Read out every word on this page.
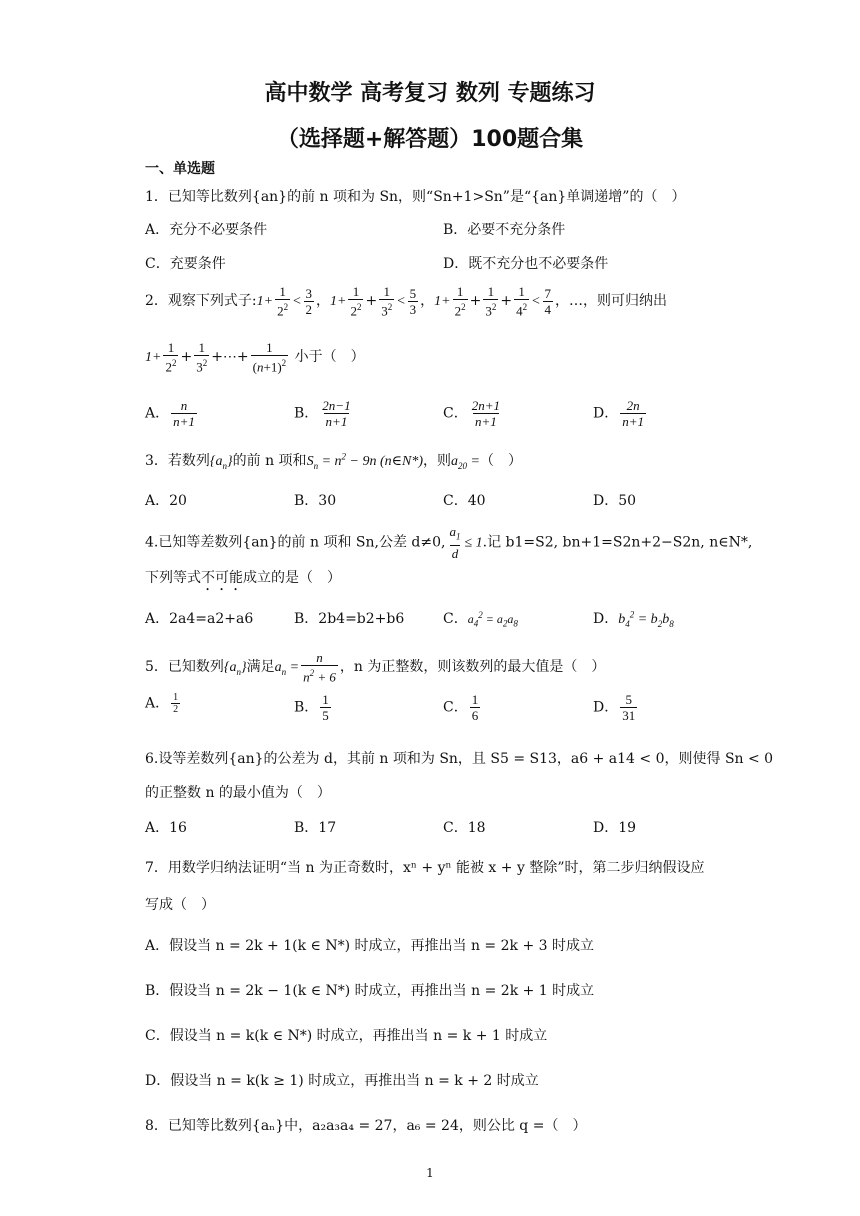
高中数学 高考复习 数列 专题练习
（选择题+解答题）100题合集
一、单选题
1．已知等比数列{an}的前 n 项和为 Sn，则“Sn+1>Sn”是“{an}单调递增”的（　）
A．充分不必要条件	B．必要不充分条件
C．充要条件	D．既不充分也不必要条件
2．观察下列式子:1+ $\frac{1}{2^2} < \frac{3}{2}$ ，$1+ \frac{1}{2^2} + \frac{1}{3^2} < \frac{5}{3}$ ，$1+ \frac{1}{2^2} + \frac{1}{3^2} + \frac{1}{4^2} < \frac{7}{4}$ ，…，则可归纳出
$1+ \frac{1}{2^2} + \frac{1}{3^2}$ +⋯+ $\frac{1}{(n+1)^2}$ 小于（　）
A． $\frac{n}{n+1}$	B． $\frac{2n-1}{n+1}$	C． $\frac{2n+1}{n+1}$	D． $\frac{2n}{n+1}$
3．若数列$\{a_n\}$的前 n 项和$S_n = n^2 - 9n$ (n∈N*)，则$a_{20}$ =（　）
A．20	B．30	C．40	D．50
4.已知等差数列{an}的前 n 项和 Sn,公差 d≠0, $\frac{a_1}{d} \le 1$.记 b1=S2, bn+1=S2n+2−S2n, n∈N*,
下列等式不可能成立的是（　）
A．2a4=a2+a6	B．2b4=b2+b6	C．$a_4^2 = a_2a_8$	D．$b_4^2 = b_2b_8$
5．已知数列$\{a_n\}$满足$a_n = \frac{n}{n^2 + 6}$ ，n 为正整数，则该数列的最大值是（　）
A． $\frac{1}{2}$	B． $\frac{1}{5}$	C． $\frac{1}{6}$	D． $\frac{5}{31}$
6.设等差数列{an}的公差为 d，其前 n 项和为 Sn，且 S5 = S13，a6 + a14 < 0，则使得 Sn < 0
的正整数 n 的最小值为（　）
A．16	B．17	C．18	D．19
7．用数学归纳法证明“当 n 为正奇数时，xⁿ + yⁿ 能被 x + y 整除”时，第二步归纳假设应
写成（　）
A．假设当 n = 2k + 1(k ∈ N*) 时成立，再推出当 n = 2k + 3 时成立
B．假设当 n = 2k − 1(k ∈ N*) 时成立，再推出当 n = 2k + 1 时成立
C．假设当 n = k(k ∈ N*) 时成立，再推出当 n = k + 1 时成立
D．假设当 n = k(k ≥ 1) 时成立，再推出当 n = k + 2 时成立
8．已知等比数列{aₙ}中，a₂a₃a₄ = 27，a₆ = 24，则公比 q =（　）
1
